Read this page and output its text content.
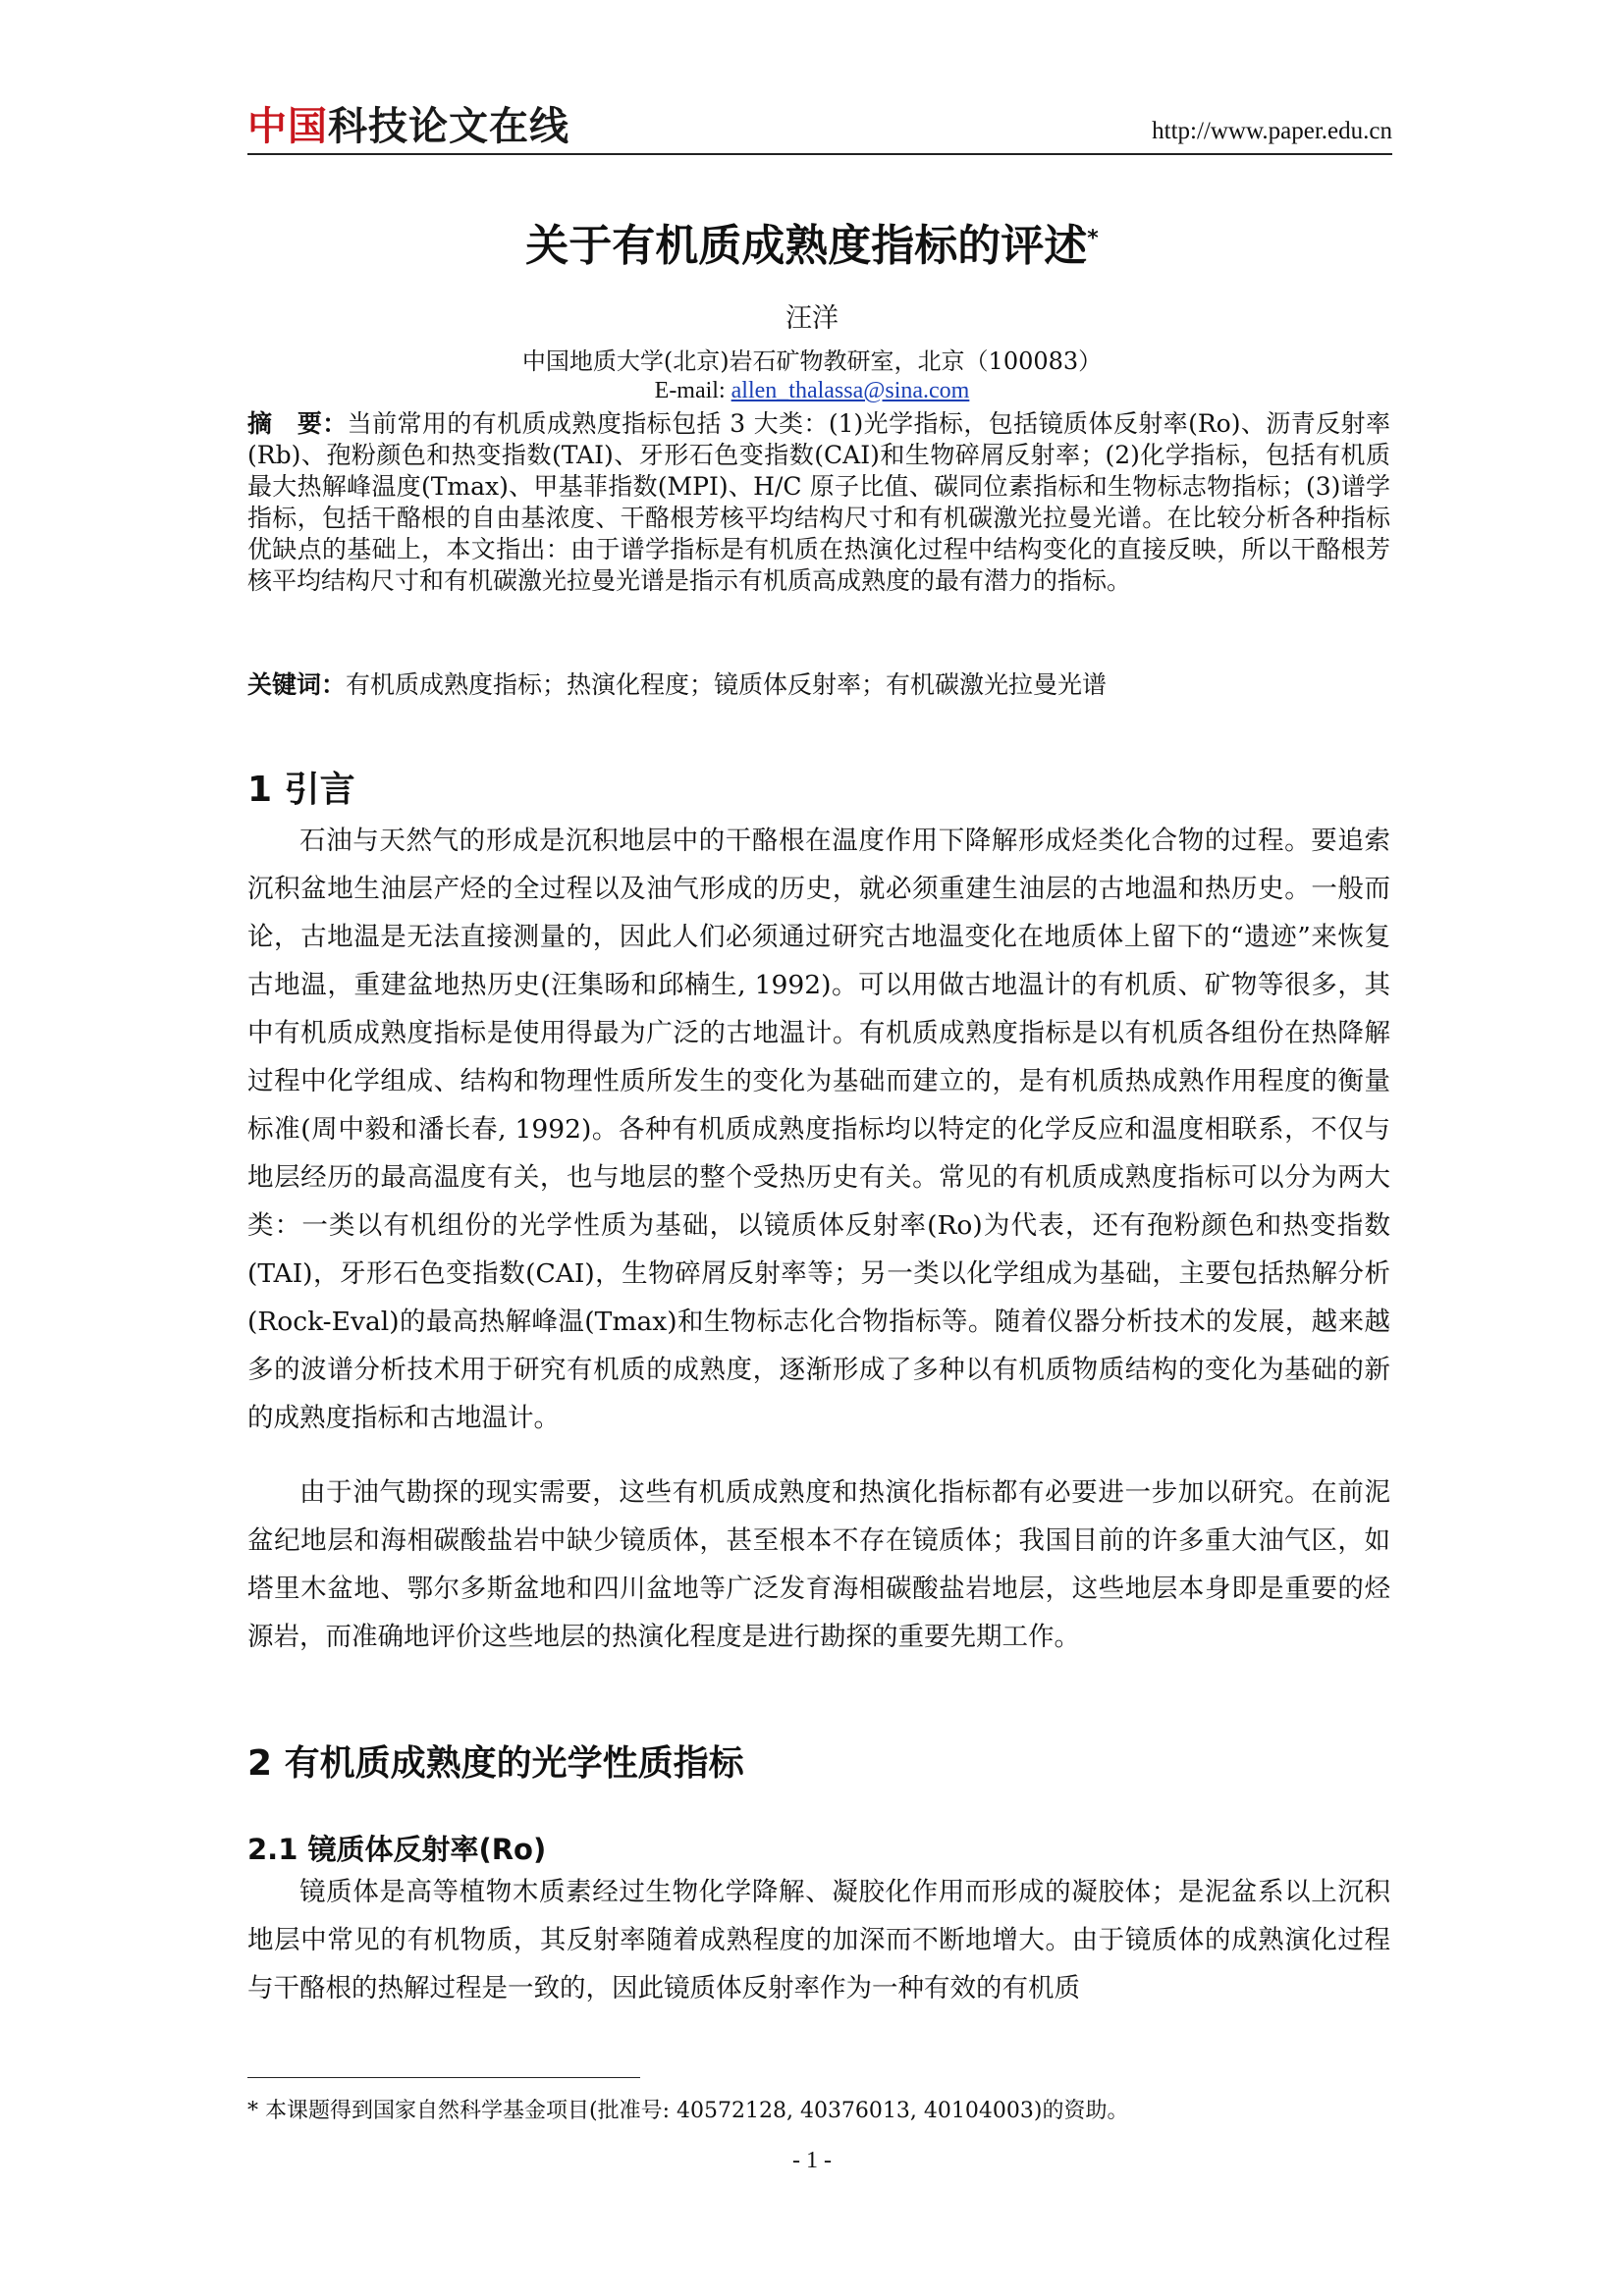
中国科技论文在线	http://www.paper.edu.cn
关于有机质成熟度指标的评述*
汪洋
中国地质大学(北京)岩石矿物教研室，北京（100083）
E-mail: allen_thalassa@sina.com
摘　要：当前常用的有机质成熟度指标包括 3 大类：(1)光学指标，包括镜质体反射率(Ro)、沥青反射率(Rb)、孢粉颜色和热变指数(TAI)、牙形石色变指数(CAI)和生物碎屑反射率；(2)化学指标，包括有机质最大热解峰温度(Tmax)、甲基菲指数(MPI)、H/C 原子比值、碳同位素指标和生物标志物指标；(3)谱学指标，包括干酪根的自由基浓度、干酪根芳核平均结构尺寸和有机碳激光拉曼光谱。在比较分析各种指标优缺点的基础上，本文指出：由于谱学指标是有机质在热演化过程中结构变化的直接反映，所以干酪根芳核平均结构尺寸和有机碳激光拉曼光谱是指示有机质高成熟度的最有潜力的指标。
关键词：有机质成熟度指标；热演化程度；镜质体反射率；有机碳激光拉曼光谱
1 引言
石油与天然气的形成是沉积地层中的干酪根在温度作用下降解形成烃类化合物的过程。要追索沉积盆地生油层产烃的全过程以及油气形成的历史，就必须重建生油层的古地温和热历史。一般而论，古地温是无法直接测量的，因此人们必须通过研究古地温变化在地质体上留下的“遗迹”来恢复古地温，重建盆地热历史(汪集旸和邱楠生, 1992)。可以用做古地温计的有机质、矿物等很多，其中有机质成熟度指标是使用得最为广泛的古地温计。有机质成熟度指标是以有机质各组份在热降解过程中化学组成、结构和物理性质所发生的变化为基础而建立的，是有机质热成熟作用程度的衡量标准(周中毅和潘长春, 1992)。各种有机质成熟度指标均以特定的化学反应和温度相联系，不仅与地层经历的最高温度有关，也与地层的整个受热历史有关。常见的有机质成熟度指标可以分为两大类：一类以有机组份的光学性质为基础，以镜质体反射率(Ro)为代表，还有孢粉颜色和热变指数(TAI)，牙形石色变指数(CAI)，生物碎屑反射率等；另一类以化学组成为基础，主要包括热解分析(Rock-Eval)的最高热解峰温(Tmax)和生物标志化合物指标等。随着仪器分析技术的发展，越来越多的波谱分析技术用于研究有机质的成熟度，逐渐形成了多种以有机质物质结构的变化为基础的新的成熟度指标和古地温计。
由于油气勘探的现实需要，这些有机质成熟度和热演化指标都有必要进一步加以研究。在前泥盆纪地层和海相碳酸盐岩中缺少镜质体，甚至根本不存在镜质体；我国目前的许多重大油气区，如塔里木盆地、鄂尔多斯盆地和四川盆地等广泛发育海相碳酸盐岩地层，这些地层本身即是重要的烃源岩，而准确地评价这些地层的热演化程度是进行勘探的重要先期工作。
2 有机质成熟度的光学性质指标
2.1 镜质体反射率(Ro)
镜质体是高等植物木质素经过生物化学降解、凝胶化作用而形成的凝胶体；是泥盆系以上沉积地层中常见的有机物质，其反射率随着成熟程度的加深而不断地增大。由于镜质体的成熟演化过程与干酪根的热解过程是一致的，因此镜质体反射率作为一种有效的有机质
* 本课题得到国家自然科学基金项目(批准号: 40572128, 40376013, 40104003)的资助。
- 1 -
